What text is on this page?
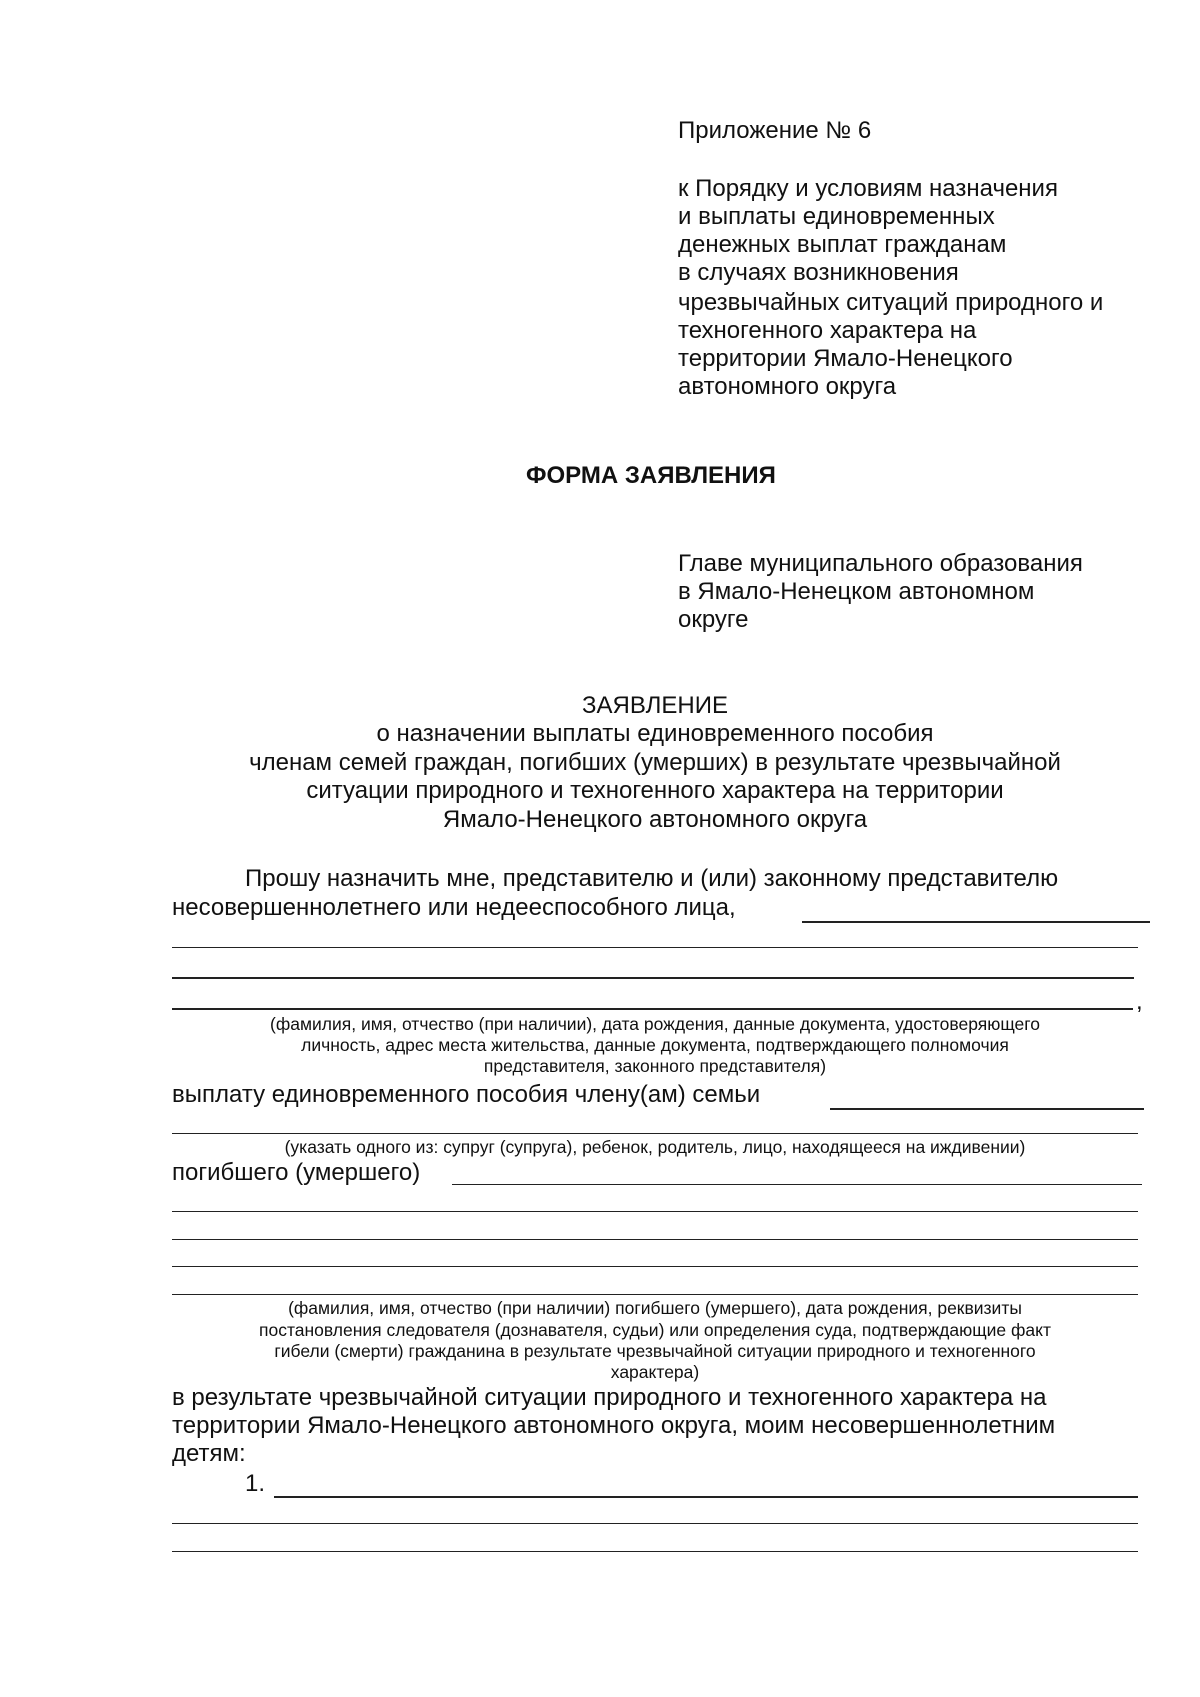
Приложение № 6
к Порядку и условиям назначения
и выплаты единовременных
денежных выплат гражданам
в случаях возникновения
чрезвычайных ситуаций природного и
техногенного характера на
территории Ямало-Ненецкого
автономного округа
ФОРМА ЗАЯВЛЕНИЯ
Главе муниципального образования
в Ямало-Ненецком автономном
округе
ЗАЯВЛЕНИЕ
о назначении выплаты единовременного пособия
членам семей граждан, погибших (умерших) в результате чрезвычайной
ситуации природного и техногенного характера на территории
Ямало-Ненецкого автономного округа
Прошу назначить мне, представителю и (или) законному представителю
несовершеннолетнего или недееспособного лица,
,
(фамилия, имя, отчество (при наличии), дата рождения, данные документа, удостоверяющего
личность, адрес места жительства, данные документа, подтверждающего полномочия
представителя, законного представителя)
выплату единовременного пособия члену(ам) семьи
(указать одного из: супруг (супруга), ребенок, родитель, лицо, находящееся на иждивении)
погибшего (умершего)
(фамилия, имя, отчество (при наличии) погибшего (умершего), дата рождения, реквизиты
постановления следователя (дознавателя, судьи) или определения суда, подтверждающие факт
гибели (смерти) гражданина в результате чрезвычайной ситуации природного и техногенного
характера)
в результате чрезвычайной ситуации природного и техногенного характера на
территории Ямало-Ненецкого автономного округа, моим несовершеннолетним
детям:
1.
